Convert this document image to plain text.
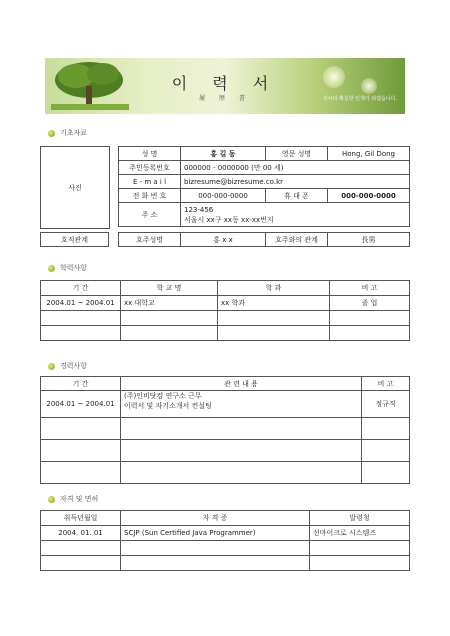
이 력 서
履 歷 書	귀사의 확실한 인재가 되겠습니다.
기초자료
사진
성 명	홍 길 동	영문 성명	Hong, Gil Dong
주민등록번호	000000 - 0000000 (만 00 세)		
E - m a i l	bizresume@bizresume.co.kr		
전 화 번 호	000-000-0000	휴 대 폰	000-000-0000
주 소	123-456
서울시 xx구 xx동 xx-xx번지		
호적관계		호주성명	홍 x x	호주와의 관계	長男
학력사항
기 간	학 교 명	학 과	비 고
2004.01 ~ 2004.01	xx 대학교	xx 학과	졸 업

경력사항
기 간	관 련 내 용	비 고
2004.01 ~ 2004.01	(주)인비닷컴 연구소 근무
이력서 및 자기소개서 컨설팅	정규직

자격 및 면허
취득년월일	자 격 증	발령청
2004. 01. 01	SCJP (Sun Certified Java Programmer)	선마이크로 시스템즈
